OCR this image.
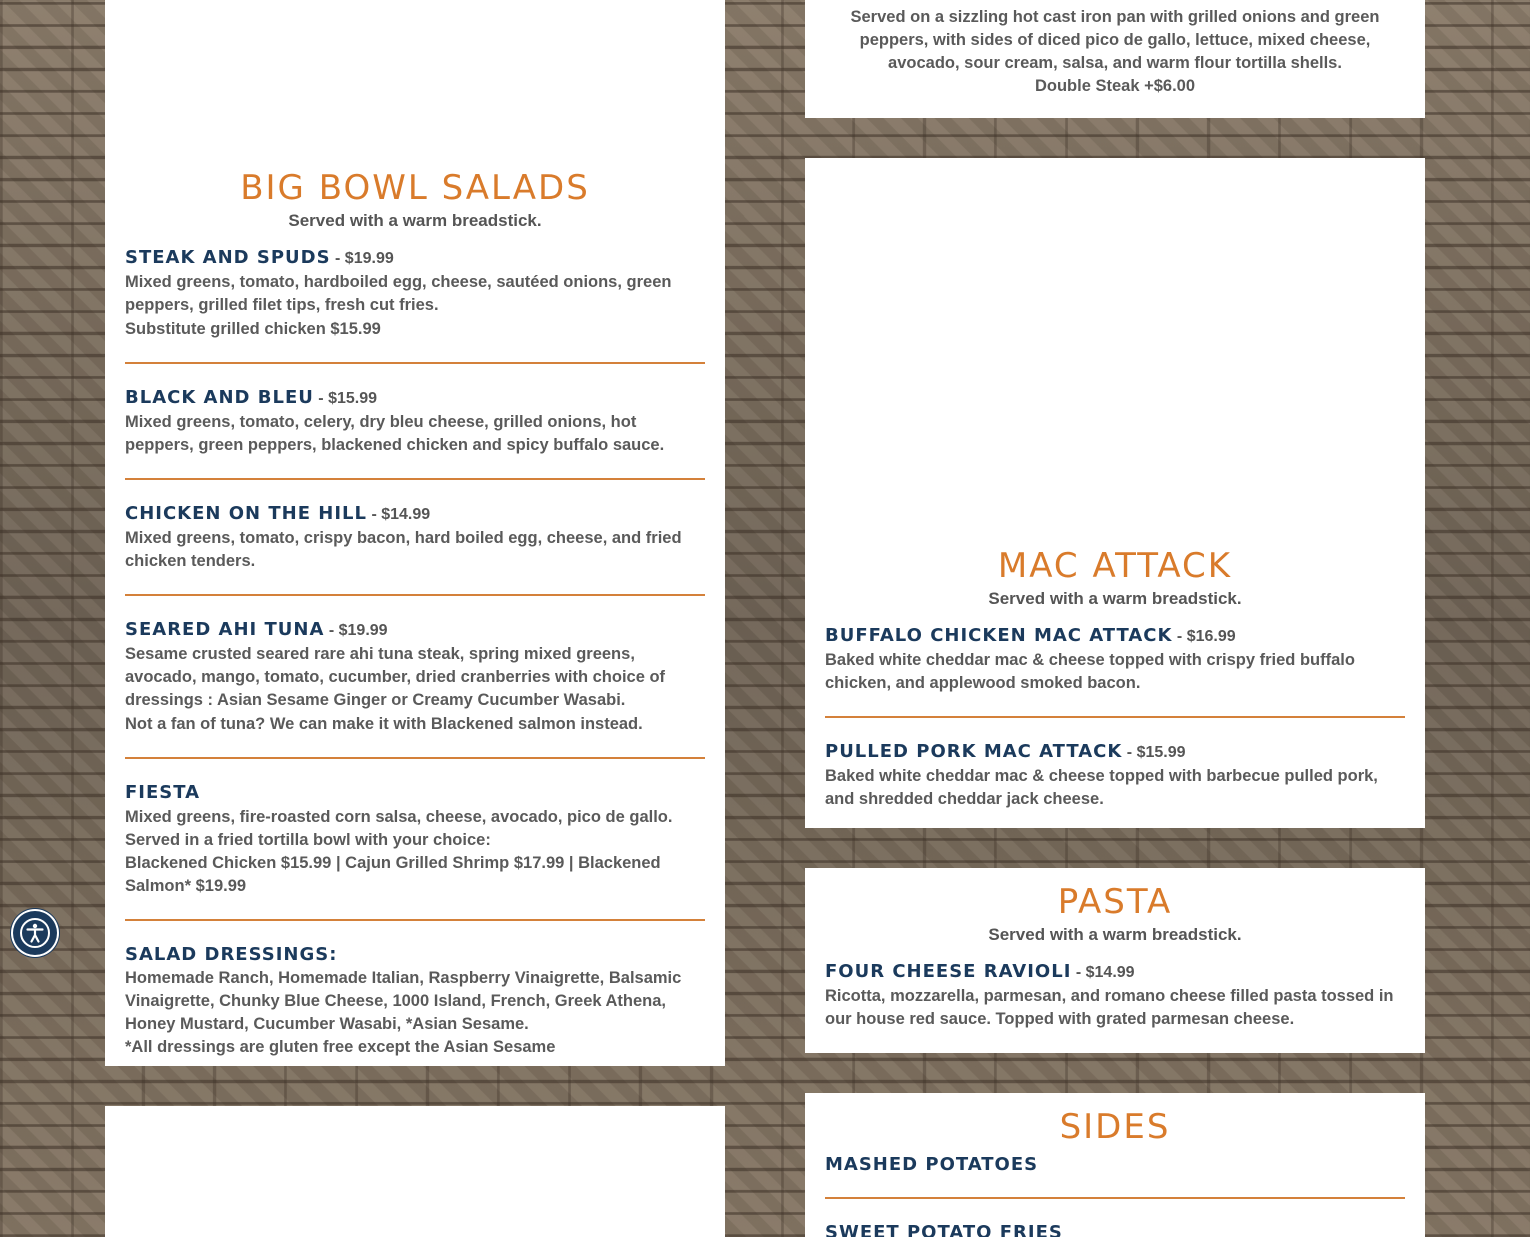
BIG BOWL SALADS

Served with a warm breadstick.

STEAK AND SPUDS - $19.99

Mixed greens, tomato, hardboiled egg, cheese, sautéed onions, green peppers, grilled filet tips, fresh cut fries.

Substitute grilled chicken $15.99

BLACK AND BLEU - $15.99

Mixed greens, tomato, celery, dry bleu cheese, grilled onions, hot peppers, green peppers, blackened chicken and spicy buffalo sauce.

CHICKEN ON THE HILL - $14.99

Mixed greens, tomato, crispy bacon, hard boiled egg, cheese, and fried chicken tenders.

SEARED AHI TUNA - $19.99

Sesame crusted seared rare ahi tuna steak, spring mixed greens, avocado, mango, tomato, cucumber, dried cranberries with choice of dressings : Asian Sesame Ginger or Creamy Cucumber Wasabi.

Not a fan of tuna? We can make it with Blackened salmon instead.

FIESTA

Mixed greens, fire-roasted corn salsa, cheese, avocado, pico de gallo.

Served in a fried tortilla bowl with your choice:

Blackened Chicken $15.99 | Cajun Grilled Shrimp $17.99 | Blackened Salmon* $19.99

SALAD DRESSINGS:

Homemade Ranch, Homemade Italian, Raspberry Vinaigrette, Balsamic Vinaigrette, Chunky Blue Cheese, 1000 Island, French, Greek Athena, Honey Mustard, Cucumber Wasabi, *Asian Sesame.

*All dressings are gluten free except the Asian Sesame

Served on a sizzling hot cast iron pan with grilled onions and green

peppers, with sides of diced pico de gallo, lettuce, mixed cheese,

avocado, sour cream, salsa, and warm flour tortilla shells.

Double Steak +$6.00

MAC ATTACK

Served with a warm breadstick.

BUFFALO CHICKEN MAC ATTACK - $16.99

Baked white cheddar mac & cheese topped with crispy fried buffalo chicken, and applewood smoked bacon.

PULLED PORK MAC ATTACK - $15.99

Baked white cheddar mac & cheese topped with barbecue pulled pork, and shredded cheddar jack cheese.

PASTA

Served with a warm breadstick.

FOUR CHEESE RAVIOLI - $14.99

Ricotta, mozzarella, parmesan, and romano cheese filled pasta tossed in our house red sauce. Topped with grated parmesan cheese.

SIDES

MASHED POTATOES

SWEET POTATO FRIES
